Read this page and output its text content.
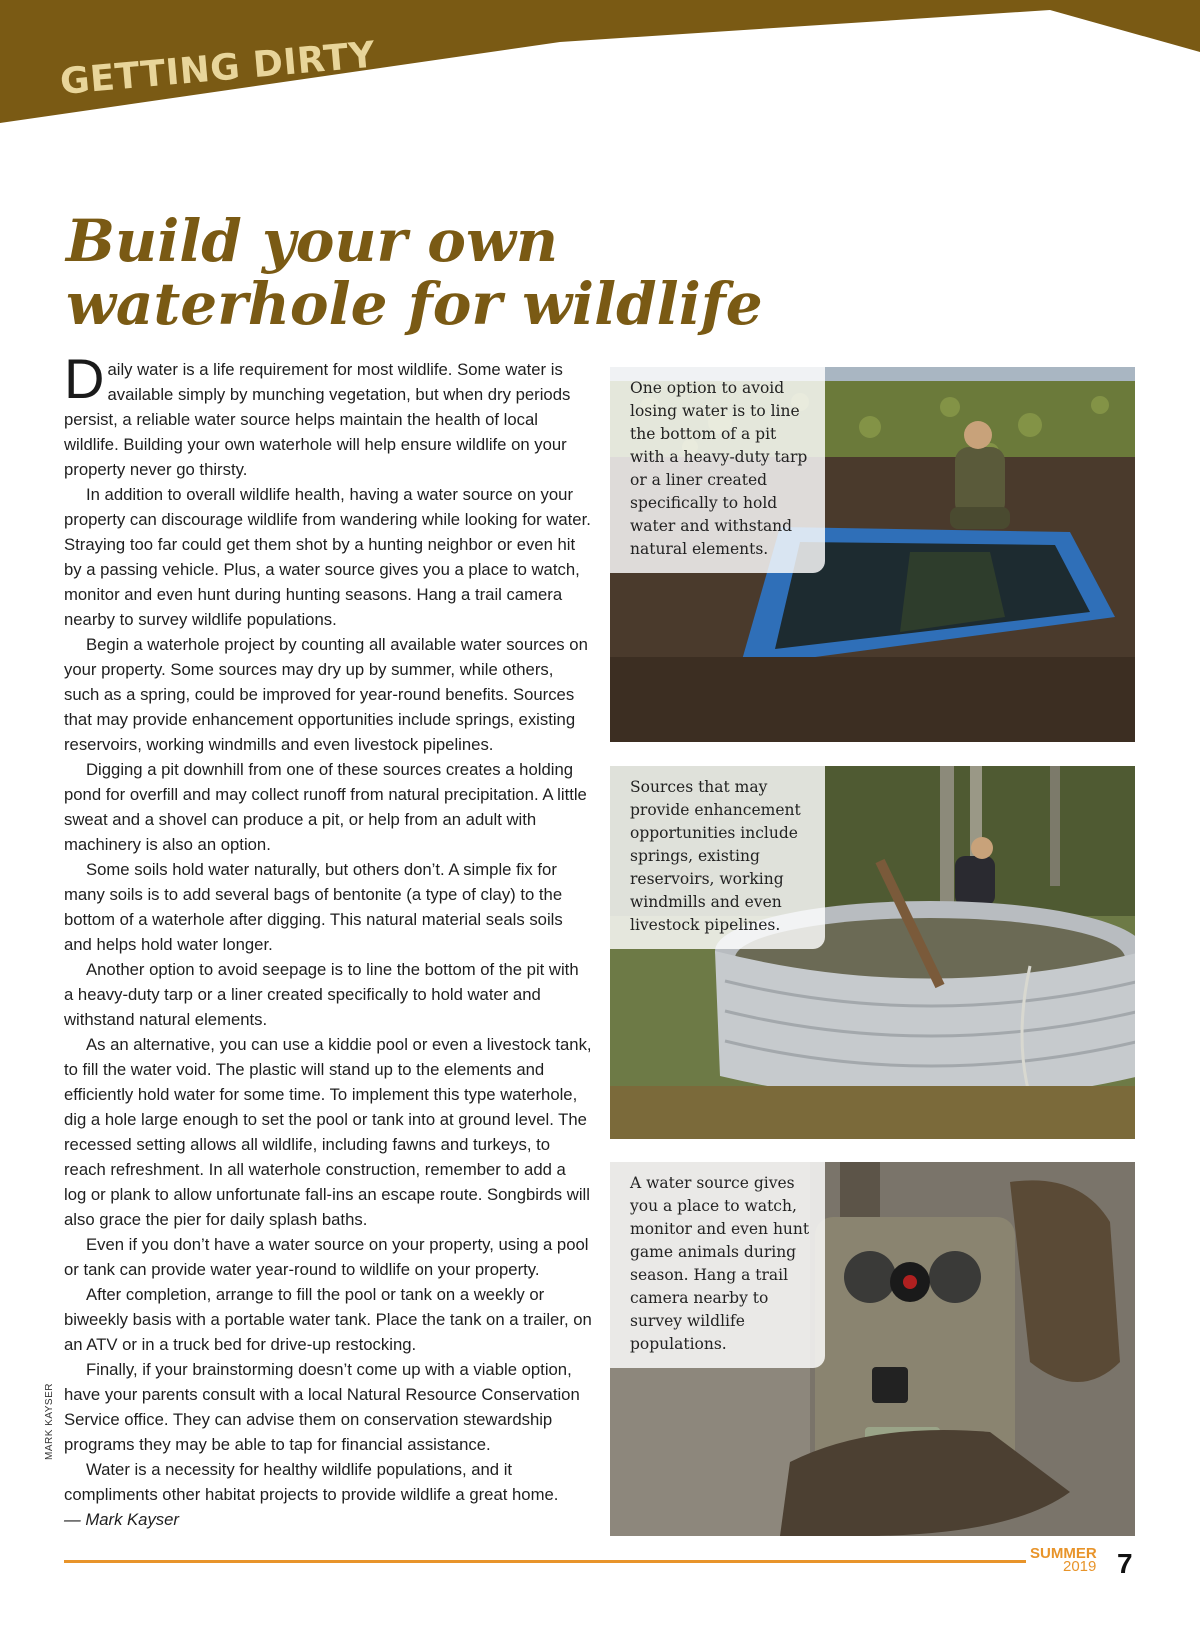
GETTING DIRTY
Build your own
waterhole for wildlife

Daily water is a life requirement for most wildlife. Some water is available simply by munching vegetation, but when dry periods persist, a reliable water source helps maintain the health of local wildlife. Building your own waterhole will help ensure wildlife on your property never go thirsty.

In addition to overall wildlife health, having a water source on your property can discourage wildlife from wandering while looking for water. Straying too far could get them shot by a hunting neighbor or even hit by a passing vehicle. Plus, a water source gives you a place to watch, monitor and even hunt during hunting seasons. Hang a trail camera nearby to survey wildlife populations.

Begin a waterhole project by counting all available water sources on your property. Some sources may dry up by summer, while others, such as a spring, could be improved for year-round benefits. Sources that may provide enhancement opportunities include springs, existing reservoirs, working windmills and even livestock pipelines.

Digging a pit downhill from one of these sources creates a holding pond for overfill and may collect runoff from natural precipitation. A little sweat and a shovel can produce a pit, or help from an adult with machinery is also an option.

Some soils hold water naturally, but others don’t. A simple fix for many soils is to add several bags of bentonite (a type of clay) to the bottom of a waterhole after digging. This natural material seals soils and helps hold water longer.

Another option to avoid seepage is to line the bottom of the pit with a heavy-duty tarp or a liner created specifically to hold water and withstand natural elements.

As an alternative, you can use a kiddie pool or even a livestock tank, to fill the water void. The plastic will stand up to the elements and efficiently hold water for some time. To implement this type waterhole, dig a hole large enough to set the pool or tank into at ground level. The recessed setting allows all wildlife, including fawns and turkeys, to reach refreshment. In all waterhole construction, remember to add a log or plank to allow unfortunate fall-ins an escape route. Songbirds will also grace the pier for daily splash baths.

Even if you don’t have a water source on your property, using a pool or tank can provide water year-round to wildlife on your property.

After completion, arrange to fill the pool or tank on a weekly or biweekly basis with a portable water tank. Place the tank on a trailer, on an ATV or in a truck bed for drive-up restocking.

Finally, if your brainstorming doesn’t come up with a viable option, have your parents consult with a local Natural Resource Conservation Service office. They can advise them on conservation stewardship programs they may be able to tap for financial assistance.

Water is a necessity for healthy wildlife populations, and it compliments other habitat projects to provide wildlife a great home.

— Mark Kayser

MARK KAYSER
One option to avoid losing water is to line the bottom of a pit with a heavy-duty tarp or a liner created specifically to hold water and withstand natural elements.
Sources that may provide enhancement opportunities include springs, existing reservoirs, working windmills and even livestock pipelines.
A water source gives you a place to watch, monitor and even hunt game animals during season. Hang a trail camera nearby to survey wildlife populations.
SUMMER
2019 7
